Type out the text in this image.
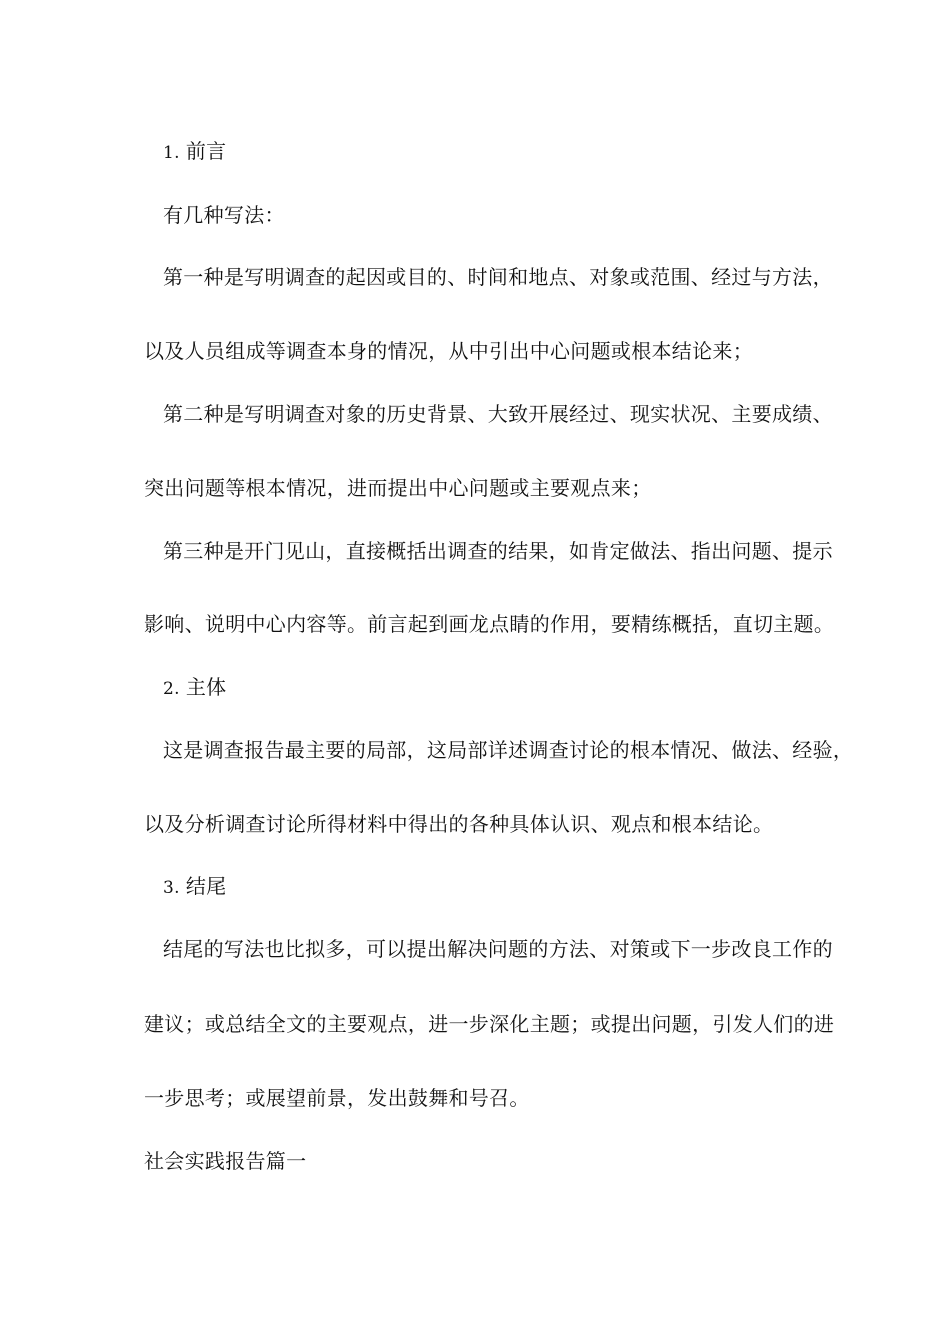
1. 前言
有几种写法：
第一种是写明调查的起因或目的、时间和地点、对象或范围、经过与方法，
以及人员组成等调查本身的情况，从中引出中心问题或根本结论来；
第二种是写明调查对象的历史背景、大致开展经过、现实状况、主要成绩、
突出问题等根本情况，进而提出中心问题或主要观点来；
第三种是开门见山，直接概括出调查的结果，如肯定做法、指出问题、提示
影响、说明中心内容等。前言起到画龙点睛的作用，要精练概括，直切主题。
2. 主体
这是调查报告最主要的局部，这局部详述调查讨论的根本情况、做法、经验，
以及分析调查讨论所得材料中得出的各种具体认识、观点和根本结论。
3. 结尾
结尾的写法也比拟多，可以提出解决问题的方法、对策或下一步改良工作的
建议；或总结全文的主要观点，进一步深化主题；或提出问题，引发人们的进
一步思考；或展望前景，发出鼓舞和号召。
社会实践报告篇一
